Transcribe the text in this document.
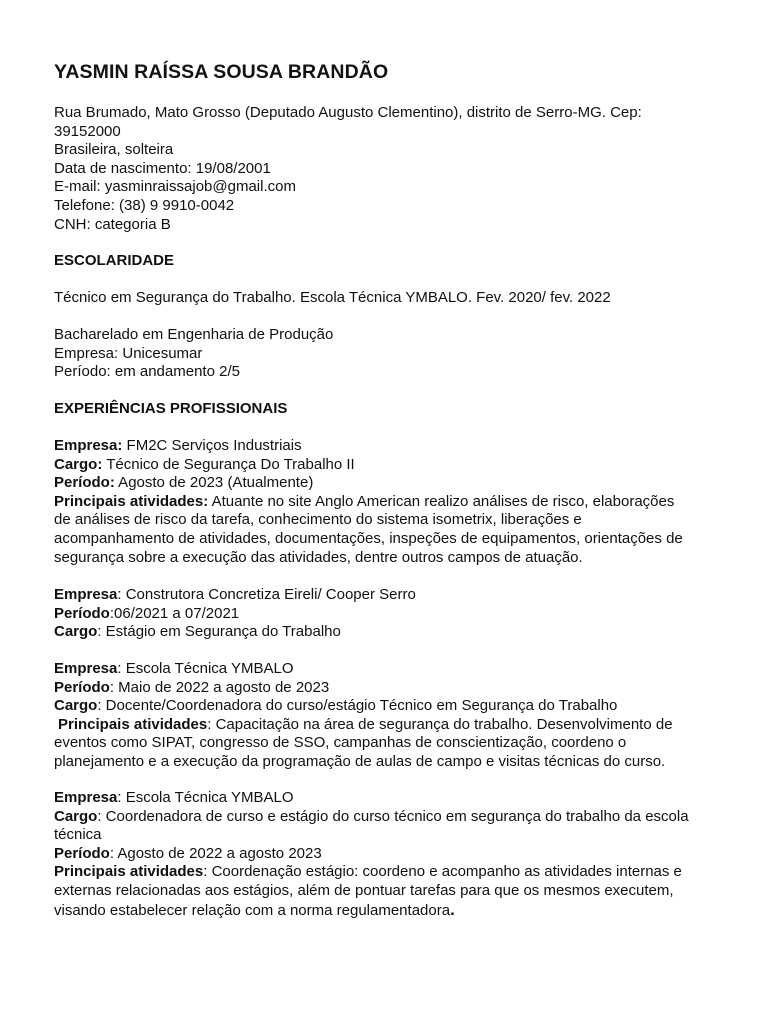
YASMIN RAÍSSA SOUSA BRANDÃO
Rua Brumado, Mato Grosso (Deputado Augusto Clementino), distrito de Serro-MG. Cep:
39152000
Brasileira, solteira
Data de nascimento: 19/08/2001
E-mail: yasminraissajob@gmail.com
Telefone: (38) 9 9910-0042
CNH: categoria B
ESCOLARIDADE
Técnico em Segurança do Trabalho. Escola Técnica YMBALO. Fev. 2020/ fev. 2022
Bacharelado em Engenharia de Produção
Empresa: Unicesumar
Período: em andamento 2/5
EXPERIÊNCIAS PROFISSIONAIS
Empresa: FM2C Serviços Industriais
Cargo: Técnico de Segurança Do Trabalho II
Período: Agosto de 2023 (Atualmente)
Principais atividades: Atuante no site Anglo American realizo análises de risco, elaborações
de análises de risco da tarefa, conhecimento do sistema isometrix, liberações e
acompanhamento de atividades, documentações, inspeções de equipamentos, orientações de
segurança sobre a execução das atividades, dentre outros campos de atuação.
Empresa: Construtora Concretiza Eireli/ Cooper Serro
Período:06/2021 a 07/2021
Cargo: Estágio em Segurança do Trabalho
Empresa: Escola Técnica YMBALO
Período: Maio de 2022 a agosto de 2023
Cargo: Docente/Coordenadora do curso/estágio Técnico em Segurança do Trabalho
Principais atividades: Capacitação na área de segurança do trabalho. Desenvolvimento de
eventos como SIPAT, congresso de SSO, campanhas de conscientização, coordeno o
planejamento e a execução da programação de aulas de campo e visitas técnicas do curso.
Empresa: Escola Técnica YMBALO
Cargo: Coordenadora de curso e estágio do curso técnico em segurança do trabalho da escola
técnica
Período: Agosto de 2022 a agosto 2023
Principais atividades: Coordenação estágio: coordeno e acompanho as atividades internas e
externas relacionadas aos estágios, além de pontuar tarefas para que os mesmos executem,
visando estabelecer relação com a norma regulamentadora.
